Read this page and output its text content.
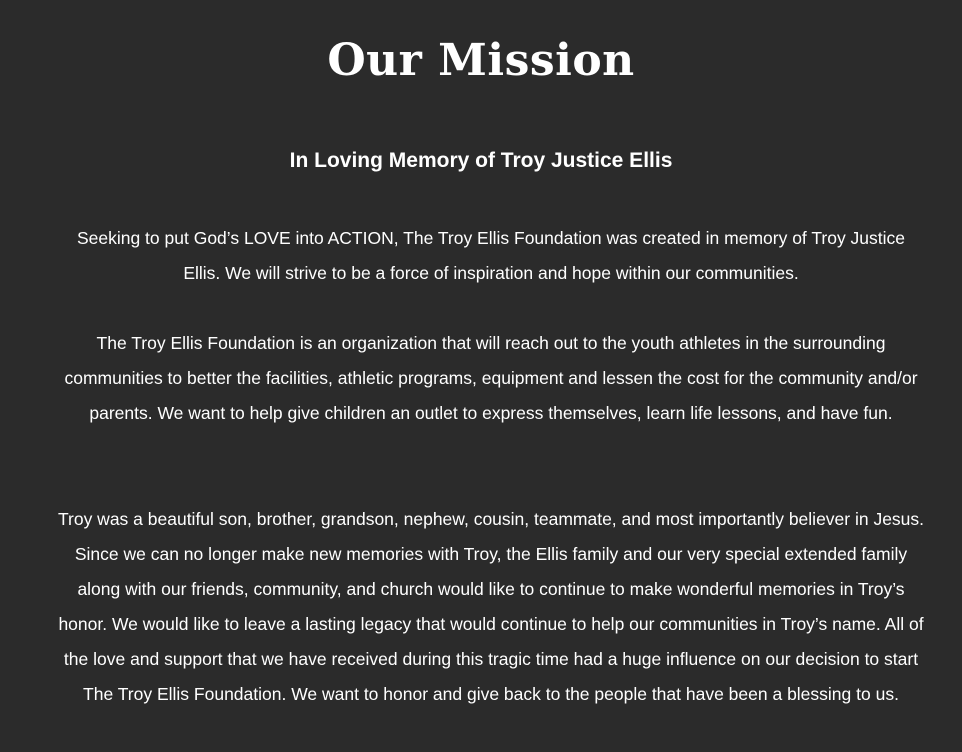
Our Mission
In Loving Memory of Troy Justice Ellis

Seeking to put God’s LOVE into ACTION, The Troy Ellis Foundation was created in memory of Troy Justice Ellis. We will strive to be a force of inspiration and hope within our communities.

The Troy Ellis Foundation is an organization that will reach out to the youth athletes in the surrounding communities to better the facilities, athletic programs, equipment and lessen the cost for the community and/or parents. We want to help give children an outlet to express themselves, learn life lessons, and have fun.

Troy was a beautiful son, brother, grandson, nephew, cousin, teammate, and most importantly believer in Jesus. Since we can no longer make new memories with Troy, the Ellis family and our very special extended family along with our friends, community, and church would like to continue to make wonderful memories in Troy’s honor. We would like to leave a lasting legacy that would continue to help our communities in Troy’s name. All of the love and support that we have received during this tragic time had a huge influence on our decision to start The Troy Ellis Foundation. We want to honor and give back to the people that have been a blessing to us.
